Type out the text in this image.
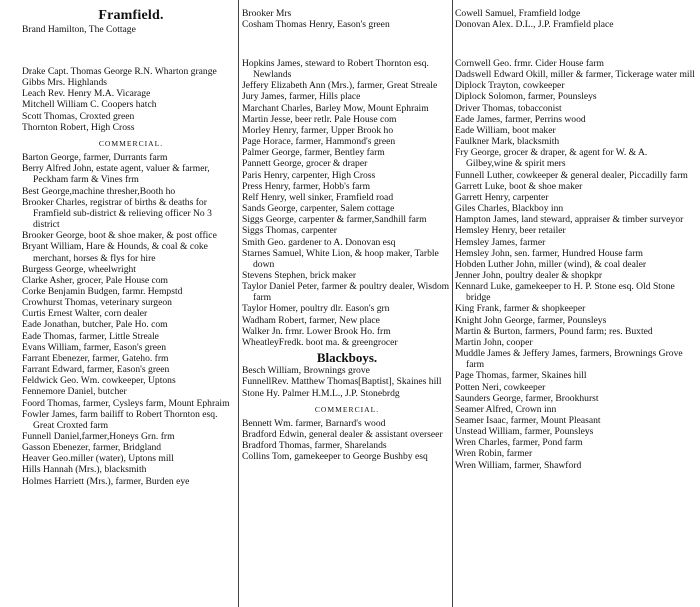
Framfield.
Brand Hamilton, The Cottage

Drake Capt. Thomas George R.N. Wharton grange

Gibbs Mrs. Highlands

Leach Rev. Henry M.A. Vicarage

Mitchell William C. Coopers hatch

Scott Thomas, Croxted green

Thornton Robert, High Cross

COMMERCIAL.

Barton George, farmer, Durrants farm

Berry Alfred John, estate agent, valuer & farmer, Peckham farm & Vines frm

Best George,machine thresher,Booth ho

Brooker Charles, registrar of births & deaths for Framfield sub-district & relieving officer No 3 district

Brooker George, boot & shoe maker, & post office

Bryant William, Hare & Hounds, & coal & coke merchant, horses & flys for hire

Burgess George, wheelwright

Clarke Asher, grocer, Pale House com

Corke Benjamin Budgen, farmr. Hempstd

Crowhurst Thomas, veterinary surgeon

Curtis Ernest Walter, corn dealer

Eade Jonathan, butcher, Pale Ho. com

Eade Thomas, farmer, Little Streale

Evans William, farmer, Eason's green

Farrant Ebenezer, farmer, Gateho. frm

Farrant Edward, farmer, Eason's green

Feldwick Geo. Wm. cowkeeper, Uptons

Fennemore Daniel, butcher

Foord Thomas, farmer, Cysleys farm, Mount Ephraim

Fowler James, farm bailiff to Robert Thornton esq. Great Croxted farm

Funnell Daniel,farmer,Honeys Grn. frm

Gasson Ebenezer, farmer, Bridgland

Heaver Geo.miller (water), Uptons mill

Hills Hannah (Mrs.), blacksmith

Holmes Harriett (Mrs.), farmer, Burden eye

Brooker Mrs
Cosham Thomas Henry, Eason's green

Hopkins James, steward to Robert Thornton esq. Newlands

Jeffery Elizabeth Ann (Mrs.), farmer, Great Streale

Jury James, farmer, Hills place

Marchant Charles, Barley Mow, Mount Ephraim

Martin Jesse, beer retlr. Pale House com

Morley Henry, farmer, Upper Brook ho

Page Horace, farmer, Hammond's green

Palmer George, farmer, Bentley farm

Pannett George, grocer & draper

Paris Henry, carpenter, High Cross

Press Henry, farmer, Hobb's farm

Relf Henry, well sinker, Framfield road

Sands George, carpenter, Salem cottage

Siggs George, carpenter & farmer,Sandhill farm

Siggs Thomas, carpenter

Smith Geo. gardener to A. Donovan esq

Starnes Samuel, White Lion, & hoop maker, Tarble down

Stevens Stephen, brick maker

Taylor Daniel Peter, farmer & poultry dealer, Wisdom farm

Taylor Homer, poultry dlr. Eason's grn

Wadham Robert, farmer, New place

Walker Jn. frmr. Lower Brook Ho. frm

WheatleyFredk. boot ma. & greengrocer

Blackboys.

Besch William, Brownings grove

FunnellRev. Matthew Thomas[Baptist], Skaines hill

Stone Hy. Palmer H.M.L., J.P. Stonebrdg

COMMERCIAL.

Bennett Wm. farmer, Barnard's wood

Bradford Edwin, general dealer & assistant overseer

Bradford Thomas, farmer, Sharelands

Collins Tom, gamekeeper to George Bushby esq

Cowell Samuel, Framfield lodge
Donovan Alex. D.L., J.P. Framfield place

Cornwell Geo. frmr. Cider House farm

Dadswell Edward Okill, miller & farmer, Tickerage water mill

Diplock Trayton, cowkeeper

Diplock Solomon, farmer, Pounsleys

Driver Thomas, tobacconist

Eade James, farmer, Perrins wood

Eade William, boot maker

Faulkner Mark, blacksmith

Fry George, grocer & draper, & agent for W. & A. Gilbey,wine & spirit mers

Funnell Luther, cowkeeper & general dealer, Piccadilly farm

Garrett Luke, boot & shoe maker

Garrett Henry, carpenter

Giles Charles, Blackboy inn

Hampton James, land steward, appraiser & timber surveyor

Hemsley Henry, beer retailer

Hemsley James, farmer

Hemsley John, sen. farmer, Hundred House farm

Hobden Luther John, miller (wind), & coal dealer

Jenner John, poultry dealer & shopkpr

Kennard Luke, gamekeeper to H. P. Stone esq. Old Stone bridge

King Frank, farmer & shopkeeper

Knight John George, farmer, Pounsleys

Martin & Burton, farmers, Pound farm; res. Buxted

Martin John, cooper

Muddle James & Jeffery James, farmers, Brownings Grove farm

Page Thomas, farmer, Skaines hill

Potten Neri, cowkeeper

Saunders George, farmer, Brookhurst

Seamer Alfred, Crown inn

Seamer Isaac, farmer, Mount Pleasant

Unstead William, farmer, Pounsleys

Wren Charles, farmer, Pond farm

Wren Robin, farmer

Wren William, farmer, Shawford
